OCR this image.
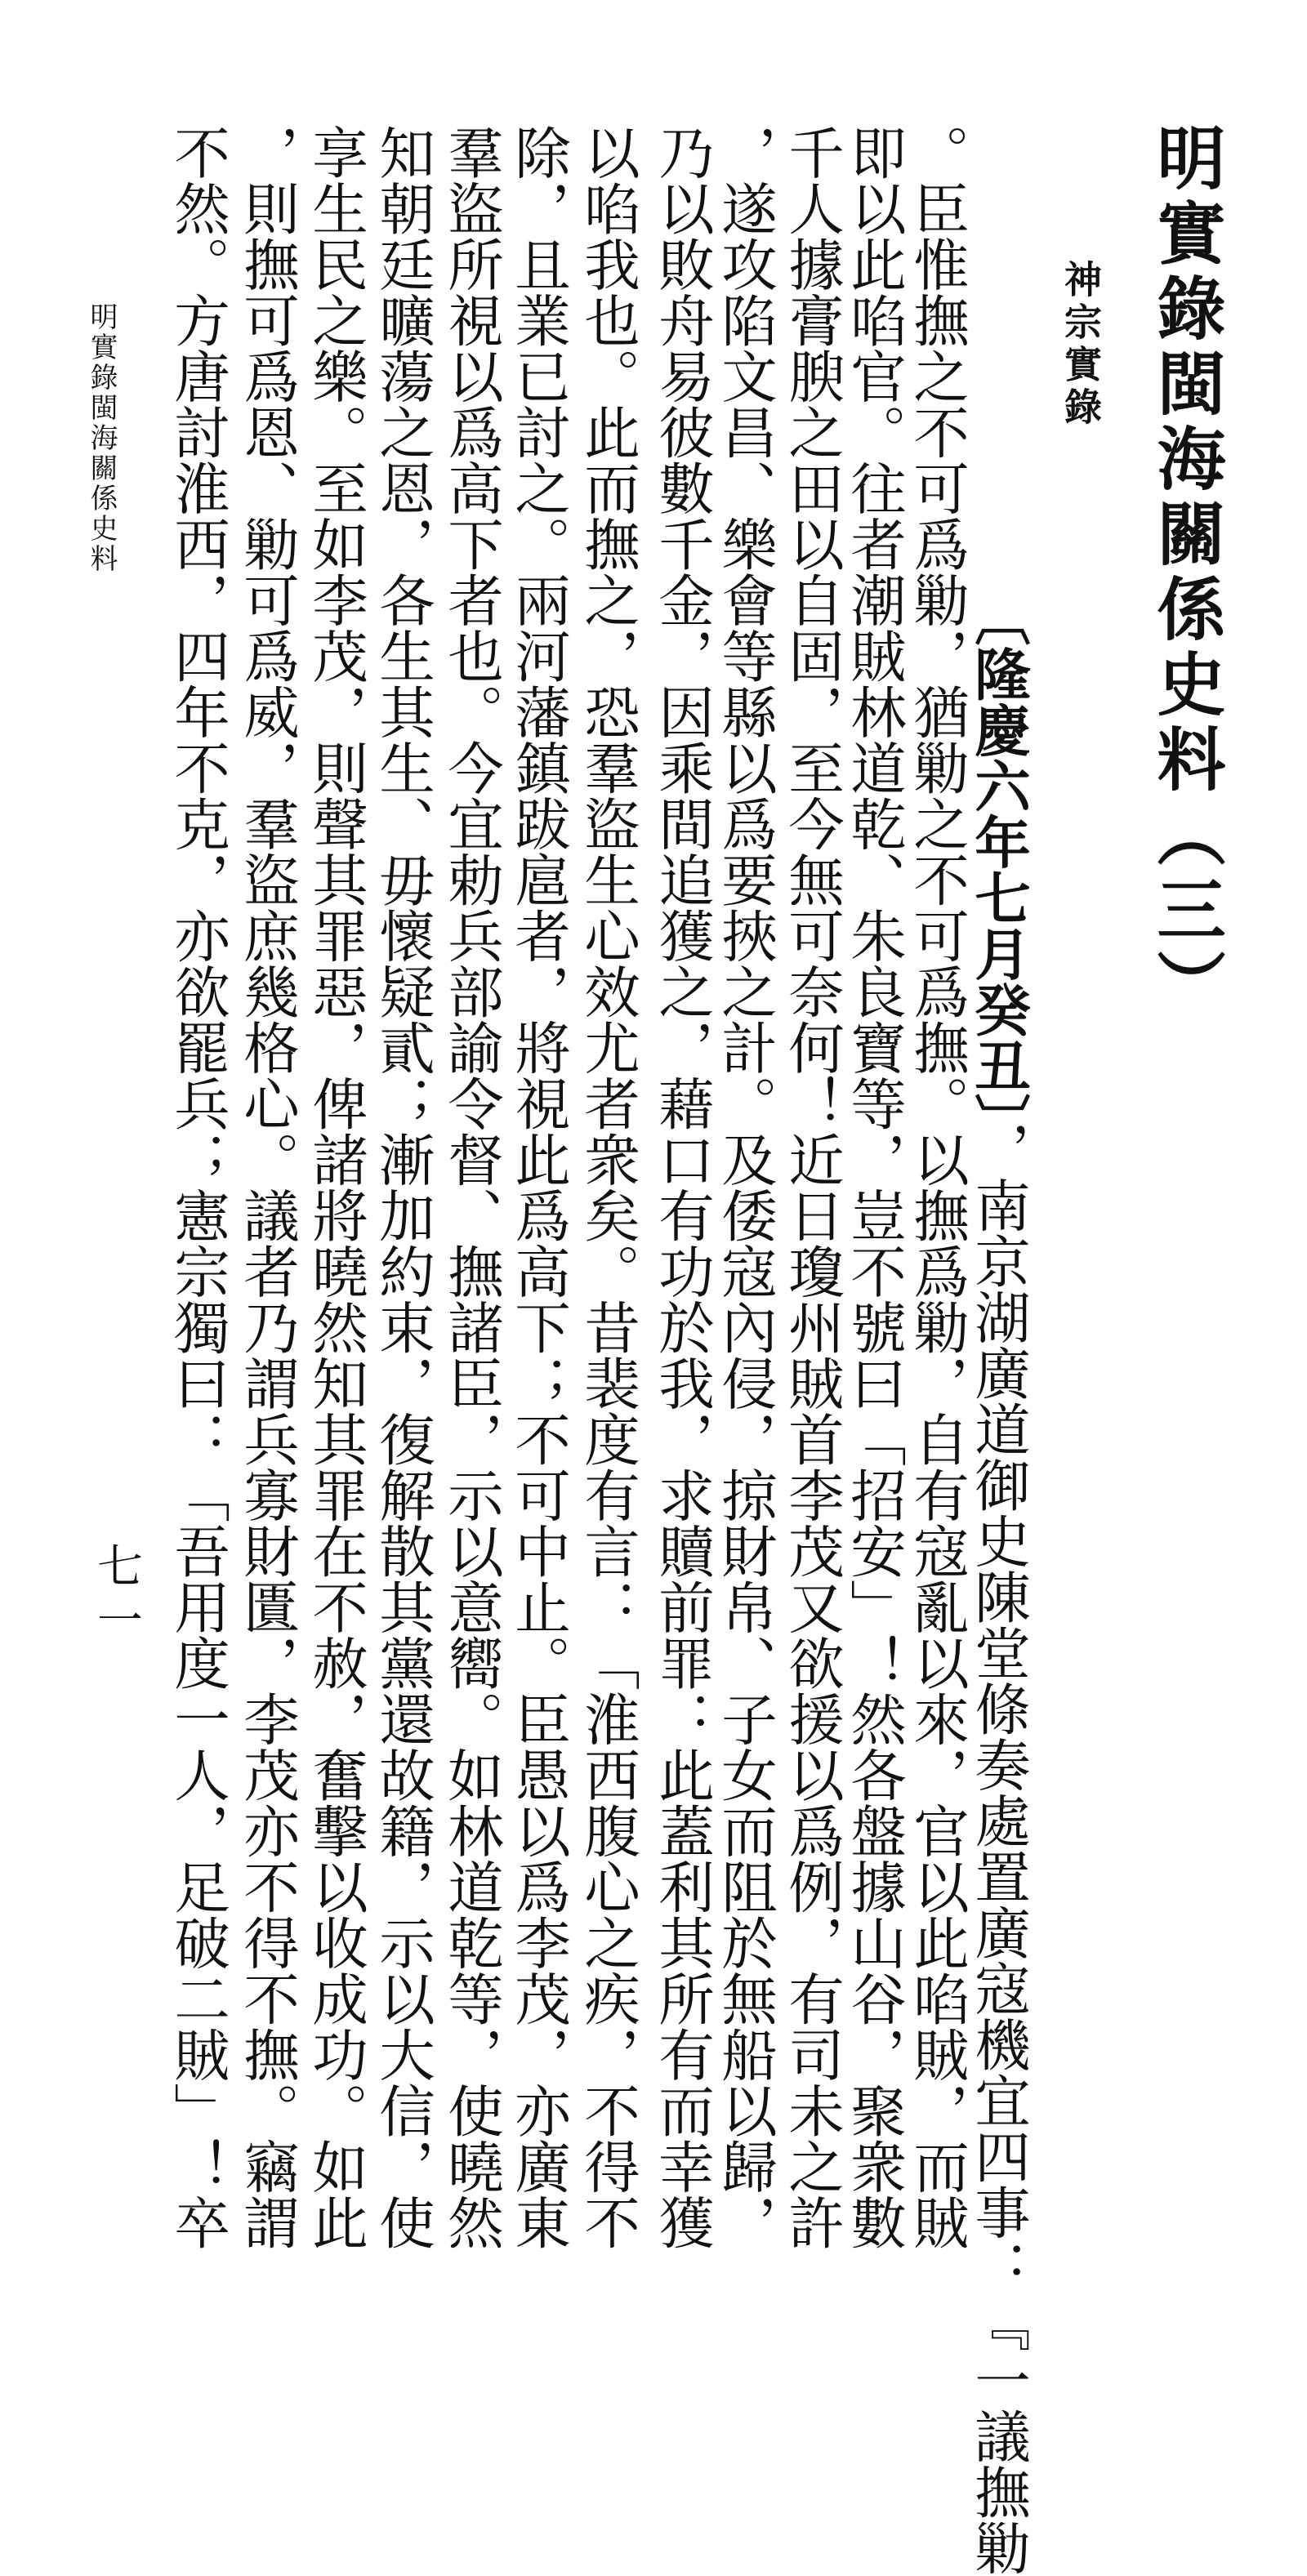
明實錄閩海關係史料（三）
神宗實錄
〔隆慶六年七月癸丑〕，南京湖廣道御史陳堂條奏處置廣寇機宜四事：『一議撫勦
。臣惟撫之不可爲勦，猶勦之不可爲撫。以撫爲勦，自有寇亂以來，官以此啗賊，而賊
即以此啗官。往者潮賊林道乾、朱良寶等，豈不號曰「招安」！然各盤據山谷，聚衆數
千人據膏腴之田以自固，至今無可奈何！近日瓊州賊首李茂又欲援以爲例，有司未之許
，遂攻陷文昌、樂會等縣以爲要挾之計。及倭寇內侵，掠財帛、子女而阻於無船以歸，
乃以敗舟易彼數千金，因乘間追獲之，藉口有功於我，求贖前罪：此蓋利其所有而幸獲
以啗我也。此而撫之，恐羣盜生心效尤者衆矣。昔裴度有言：「淮西腹心之疾，不得不
除，且業已討之。兩河藩鎮跋扈者，將視此爲高下；不可中止。臣愚以爲李茂，亦廣東
羣盜所視以爲高下者也。今宜勅兵部諭令督、撫諸臣，示以意嚮。如林道乾等，使曉然
知朝廷曠蕩之恩，各生其生、毋懷疑貳；漸加約束，復解散其黨還故籍，示以大信，使
享生民之樂。至如李茂，則聲其罪惡，俾諸將曉然知其罪在不赦，奮擊以收成功。如此
，則撫可爲恩、勦可爲威，羣盜庶幾格心。議者乃謂兵寡財匱，李茂亦不得不撫。竊謂
不然。方唐討淮西，四年不克，亦欲罷兵；憲宗獨曰：「吾用度一人，足破二賊」！卒
明實錄閩海關係史料
七一
